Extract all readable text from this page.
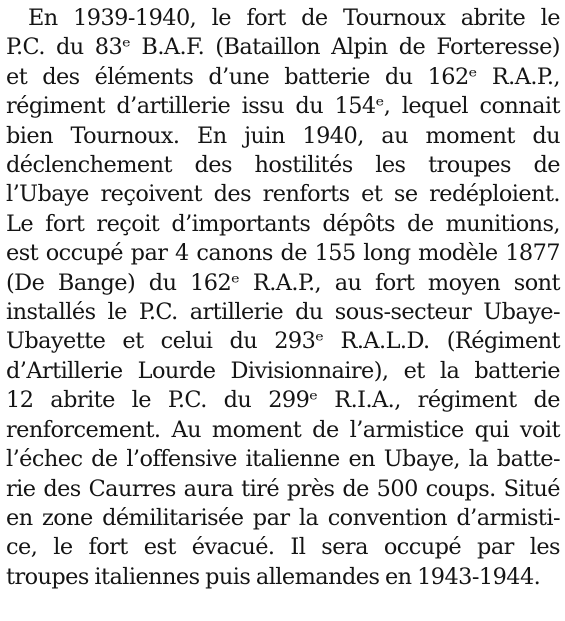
En 1939-1940, le fort de Tournoux abrite le
P.C. du 83ᵉ B.A.F. (Bataillon Alpin de Forteresse)
et des éléments d’une batterie du 162ᵉ R.A.P.,
régiment d’artillerie issu du 154ᵉ, lequel connait
bien Tournoux. En juin 1940, au moment du
déclenchement des hostilités les troupes de
l’Ubaye reçoivent des renforts et se redéploient.
Le fort reçoit d’importants dépôts de munitions,
est occupé par 4 canons de 155 long modèle 1877
(De Bange) du 162ᵉ R.A.P., au fort moyen sont
installés le P.C. artillerie du sous-secteur Ubaye-
Ubayette et celui du 293ᵉ R.A.L.D. (Régiment
d’Artillerie Lourde Divisionnaire), et la batterie
12 abrite le P.C. du 299ᵉ R.I.A., régiment de
renforcement. Au moment de l’armistice qui voit
l’échec de l’offensive italienne en Ubaye, la batte-
rie des Caurres aura tiré près de 500 coups. Situé
en zone démilitarisée par la convention d’armisti-
ce, le fort est évacué. Il sera occupé par les
troupes italiennes puis allemandes en 1943-1944.
